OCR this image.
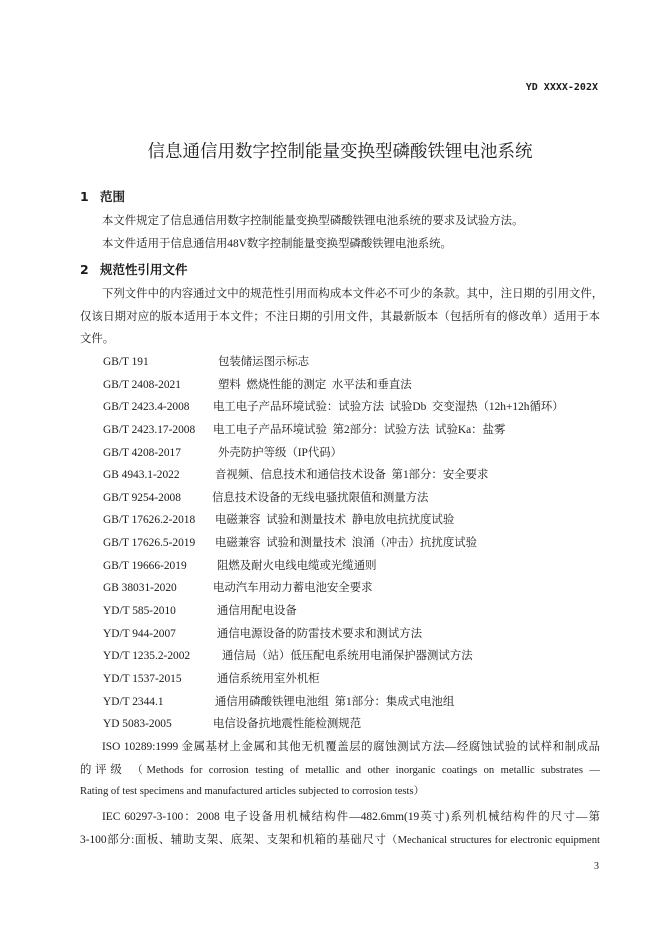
YD XXXX-202X
信息通信用数字控制能量变换型磷酸铁锂电池系统
1 范围
本文件规定了信息通信用数字控制能量变换型磷酸铁锂电池系统的要求及试验方法。
本文件适用于信息通信用48V数字控制能量变换型磷酸铁锂电池系统。
2 规范性引用文件
下列文件中的内容通过文中的规范性引用而构成本文件必不可少的条款。其中，注日期的引用文件，
仅该日期对应的版本适用于本文件；不注日期的引用文件，其最新版本（包括所有的修改单）适用于本
文件。
GB/T 191	包装储运图示标志
GB/T 2408-2021	塑料  燃烧性能的测定  水平法和垂直法
GB/T 2423.4-2008 电工电子产品环境试验：试验方法  试验Db  交变湿热（12h+12h循环）
GB/T 2423.17-2008 电工电子产品环境试验  第2部分：试验方法  试验Ka：盐雾
GB/T 4208-2017	外壳防护等级（IP代码）
GB 4943.1-2022	音视频、信息技术和通信技术设备  第1部分：安全要求
GB/T 9254-2008	信息技术设备的无线电骚扰限值和测量方法
GB/T 17626.2-2018 电磁兼容  试验和测量技术  静电放电抗扰度试验
GB/T 17626.5-2019 电磁兼容  试验和测量技术  浪涌（冲击）抗扰度试验
GB/T 19666-2019	阻燃及耐火电线电缆或光缆通则
GB 38031-2020	电动汽车用动力蓄电池安全要求
YD/T 585-2010	通信用配电设备
YD/T 944-2007	通信电源设备的防雷技术要求和测试方法
YD/T 1235.2-2002	通信局（站）低压配电系统用电涌保护器测试方法
YD/T 1537-2015	通信系统用室外机柜
YD/T 2344.1	通信用磷酸铁锂电池组  第1部分：集成式电池组
YD 5083-2005	电信设备抗地震性能检测规范
ISO 10289:1999 金属基材上金属和其他无机覆盖层的腐蚀测试方法—经腐蚀试验的试样和制成品
的评级 （Methods for corrosion testing of metallic and other inorganic coatings on metallic substrates —
Rating of test specimens and manufactured articles subjected to corrosion tests）
IEC 60297-3-100：2008 电子设备用机械结构件—482.6mm(19英寸)系列机械结构件的尺寸—第
3-100部分:面板、辅助支架、底架、支架和机箱的基础尺寸（Mechanical structures for electronic equipment
3
